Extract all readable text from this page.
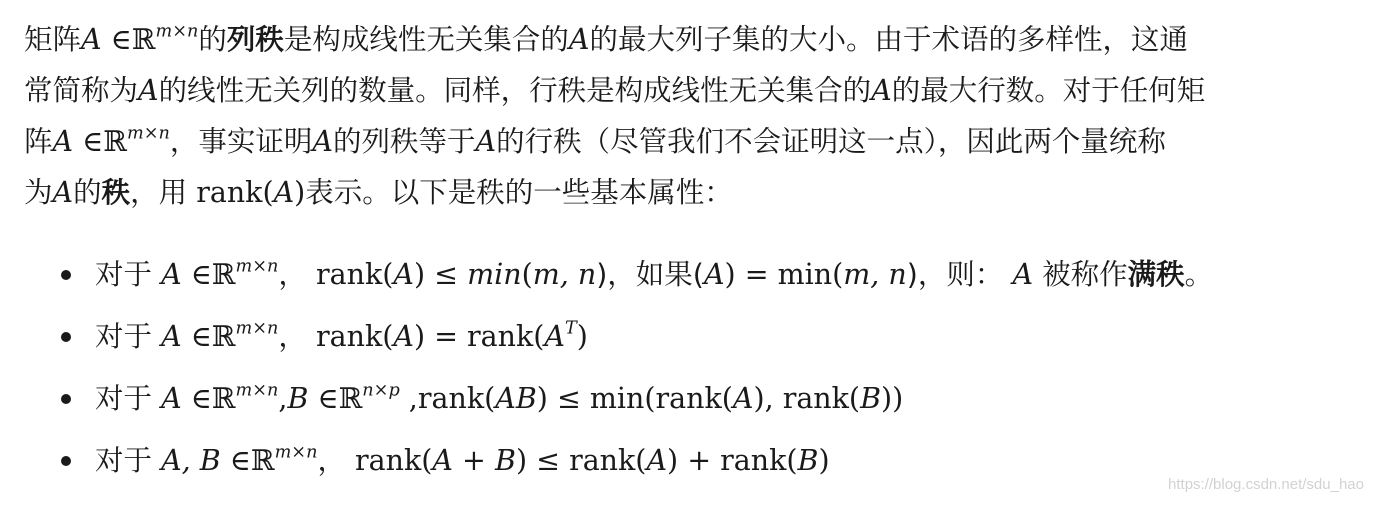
矩阵A ∈ℝ$^{m\times n}$的列秩是构成线性无关集合的A的最大列子集的大小。由于术语的多样性，这通
常简称为A的线性无关列的数量。同样，行秩是构成线性无关集合的A的最大行数。对于任何矩
阵A ∈ℝ$^{m\times n}$，事实证明A的列秩等于A的行秩（尽管我们不会证明这一点），因此两个量统称
为A的秩，用 rank(A)表示。以下是秩的一些基本属性：

对于 A ∈ℝ$^{m\times n}$， rank(A) ≤ min(m, n)，如果(A) = min(m, n)，则： A 被称作满秩。
对于 A ∈ℝ$^{m\times n}$， rank(A) = $rank(A^T)$
对于 A ∈ℝ$^{m\times n}$,B ∈ℝ$^{n\times p}$ ,rank(AB) ≤ min(rank(A), rank(B))
对于 A, B ∈ℝ$^{m\times n}$， rank(A + B) ≤ rank(A) + rank(B)
https://blog.csdn.net/sdu_hao
